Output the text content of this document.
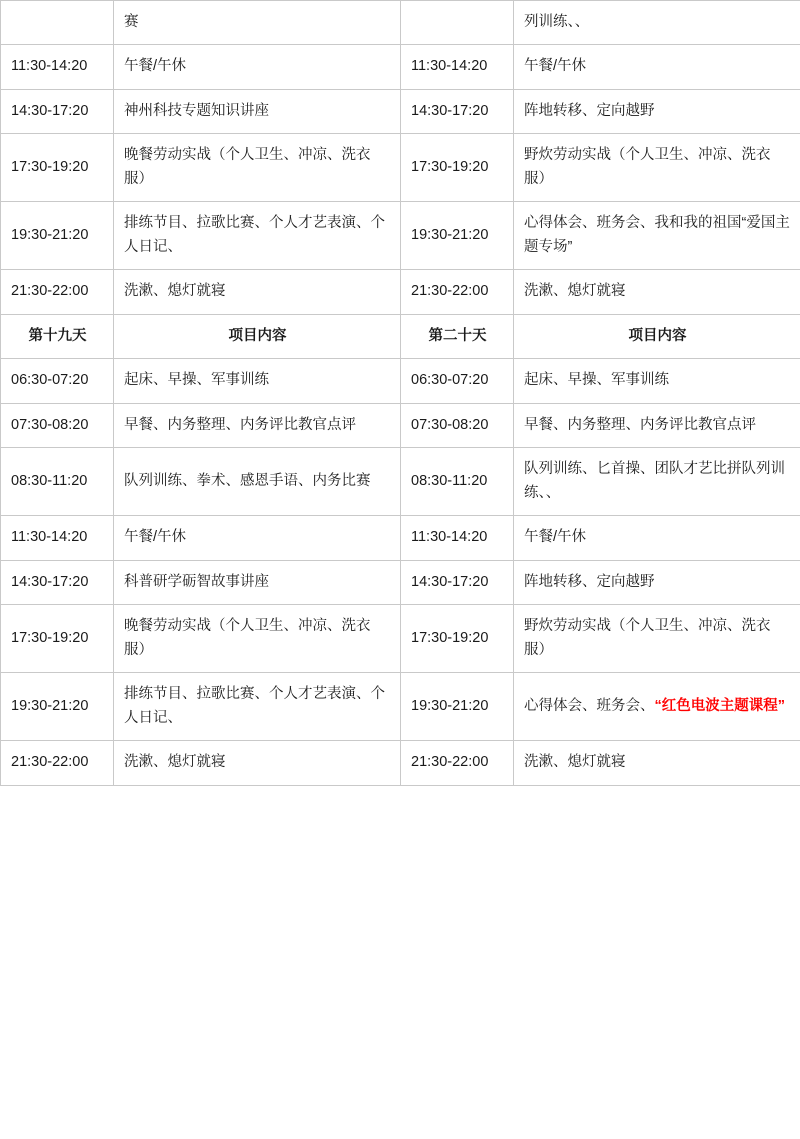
	赛		列训练、、
11:30-14:20	午餐/午休	11:30-14:20	午餐/午休
14:30-17:20	神州科技专题知识讲座	14:30-17:20	阵地转移、定向越野
17:30-19:20	晚餐劳动实战（个人卫生、冲凉、洗衣服）	17:30-19:20	野炊劳动实战（个人卫生、冲凉、洗衣服）
19:30-21:20	排练节目、拉歌比赛、个人才艺表演、个人日记、	19:30-21:20	心得体会、班务会、我和我的祖国“爱国主题专场”
21:30-22:00	洗漱、熄灯就寝	21:30-22:00	洗漱、熄灯就寝
第十九天	项目内容	第二十天	项目内容
06:30-07:20	起床、早操、军事训练	06:30-07:20	起床、早操、军事训练
07:30-08:20	早餐、内务整理、内务评比教官点评	07:30-08:20	早餐、内务整理、内务评比教官点评
08:30-11:20	队列训练、拳术、感恩手语、内务比赛	08:30-11:20	队列训练、匕首操、团队才艺比拼队列训练、、
11:30-14:20	午餐/午休	11:30-14:20	午餐/午休
14:30-17:20	科普研学砺智故事讲座	14:30-17:20	阵地转移、定向越野
17:30-19:20	晚餐劳动实战（个人卫生、冲凉、洗衣服）	17:30-19:20	野炊劳动实战（个人卫生、冲凉、洗衣服）
19:30-21:20	排练节目、拉歌比赛、个人才艺表演、个人日记、	19:30-21:20	心得体会、班务会、“红色电波主题课程”
21:30-22:00	洗漱、熄灯就寝	21:30-22:00	洗漱、熄灯就寝
